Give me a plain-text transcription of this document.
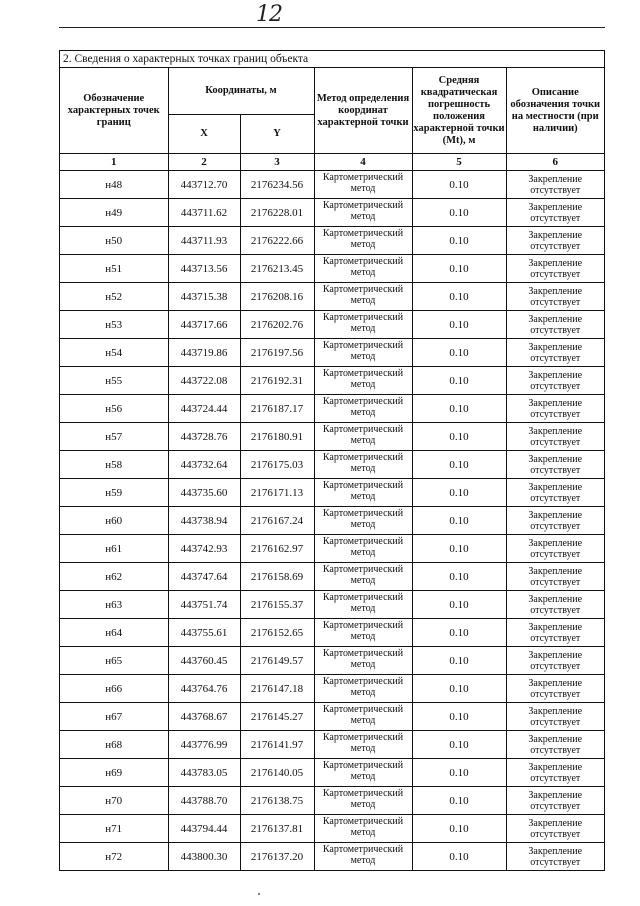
12
2. Сведения о характерных точках границ объекта
Обозначение характерных точек границ	Координаты, м		Метод определения координат характерной точки	Средняя квадратическая погрешность положения характерной точки (Mt), м	Описание обозначения точки на местности (при наличии)
	X	Y			
1	2	3	4	5	6
н48	443712.70	2176234.56	Картометрический метод	0.10	Закрепление отсутствует
н49	443711.62	2176228.01	Картометрический метод	0.10	Закрепление отсутствует
н50	443711.93	2176222.66	Картометрический метод	0.10	Закрепление отсутствует
н51	443713.56	2176213.45	Картометрический метод	0.10	Закрепление отсутствует
н52	443715.38	2176208.16	Картометрический метод	0.10	Закрепление отсутствует
н53	443717.66	2176202.76	Картометрический метод	0.10	Закрепление отсутствует
н54	443719.86	2176197.56	Картометрический метод	0.10	Закрепление отсутствует
н55	443722.08	2176192.31	Картометрический метод	0.10	Закрепление отсутствует
н56	443724.44	2176187.17	Картометрический метод	0.10	Закрепление отсутствует
н57	443728.76	2176180.91	Картометрический метод	0.10	Закрепление отсутствует
н58	443732.64	2176175.03	Картометрический метод	0.10	Закрепление отсутствует
н59	443735.60	2176171.13	Картометрический метод	0.10	Закрепление отсутствует
н60	443738.94	2176167.24	Картометрический метод	0.10	Закрепление отсутствует
н61	443742.93	2176162.97	Картометрический метод	0.10	Закрепление отсутствует
н62	443747.64	2176158.69	Картометрический метод	0.10	Закрепление отсутствует
н63	443751.74	2176155.37	Картометрический метод	0.10	Закрепление отсутствует
н64	443755.61	2176152.65	Картометрический метод	0.10	Закрепление отсутствует
н65	443760.45	2176149.57	Картометрический метод	0.10	Закрепление отсутствует
н66	443764.76	2176147.18	Картометрический метод	0.10	Закрепление отсутствует
н67	443768.67	2176145.27	Картометрический метод	0.10	Закрепление отсутствует
н68	443776.99	2176141.97	Картометрический метод	0.10	Закрепление отсутствует
н69	443783.05	2176140.05	Картометрический метод	0.10	Закрепление отсутствует
н70	443788.70	2176138.75	Картометрический метод	0.10	Закрепление отсутствует
н71	443794.44	2176137.81	Картометрический метод	0.10	Закрепление отсутствует
н72	443800.30	2176137.20	Картометрический метод	0.10	Закрепление отсутствует
